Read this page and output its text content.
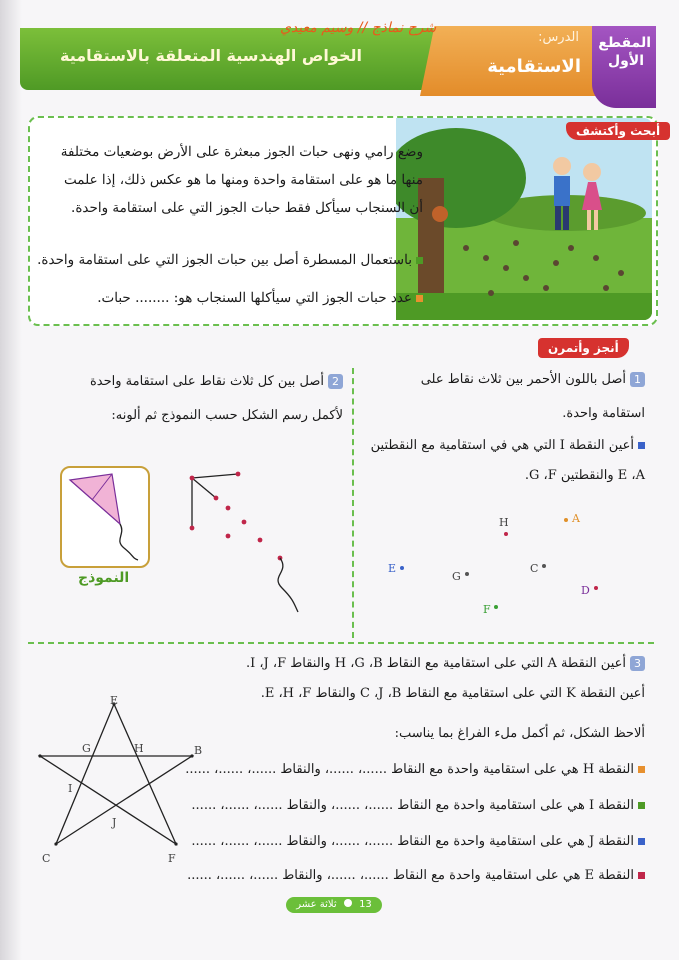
المقطع الأول
الدرس:
الاستقامية
الخواص الهندسية المتعلقة بالاستقامية
شرح نماذج // وسيم معيدي
أبحث وأكتشف
وضع رامي ونهى حبات الجوز مبعثرة على الأرض بوضعيات مختلفة
منها ما هو على استقامة واحدة ومنها ما هو عكس ذلك، إذا علمت
أن السنجاب سيأكل فقط حبات الجوز التي على استقامة واحدة.
باستعمال المسطرة أصل بين حبات الجوز التي على استقامة واحدة.
عدد حبات الجوز التي سيأكلها السنجاب هو: ........ حبات.
أنجز وأتمرن
1أصل باللون الأحمر بين ثلاث نقاط على
استقامة واحدة.
أعين النقطة I التي هي في استقامية مع النقطتين
E ،A والنقطتين G ،F.
H	A
E
G
C
D
F
2أصل بين كل ثلاث نقاط على استقامة واحدة
لأكمل رسم الشكل حسب النموذج ثم ألونه:
النموذج
3أعين النقطة A التي على استقامية مع النقاط H ،G ،B والنقاط I ،J ،F.
أعين النقطة K التي على استقامية مع النقاط C ،J ،B والنقاط E ،H ،F.
ألاحظ الشكل، ثم أكمل ملء الفراغ بما يناسب:
النقطة H هي على استقامية واحدة مع النقاط ......، ......، والنقاط ......، ......، ......
النقطة I هي على استقامية واحدة مع النقاط ......، ......، والنقاط ......، ......، ......
النقطة J هي على استقامية واحدة مع النقاط ......، ......، والنقاط ......، ......، ......
النقطة E هي على استقامية واحدة مع النقاط ......، ......، والنقاط ......، ......، ......
E
G	H	B
I
J
C	F
13  ثلاثة عشر
